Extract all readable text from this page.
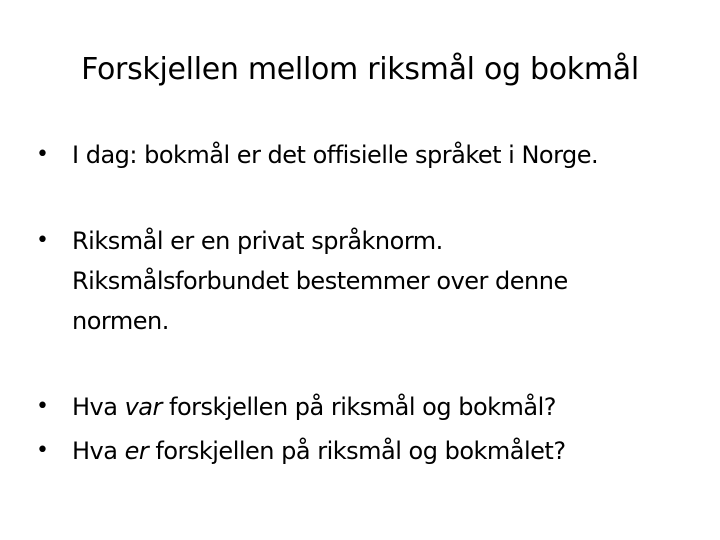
Forskjellen mellom riksmål og bokmål
• I dag: bokmål er det offisielle språket i Norge.
• Riksmål er en privat språknorm.
Riksmålsforbundet bestemmer over denne
normen.
• Hva var forskjellen på riksmål og bokmål?
• Hva er forskjellen på riksmål og bokmålet?
